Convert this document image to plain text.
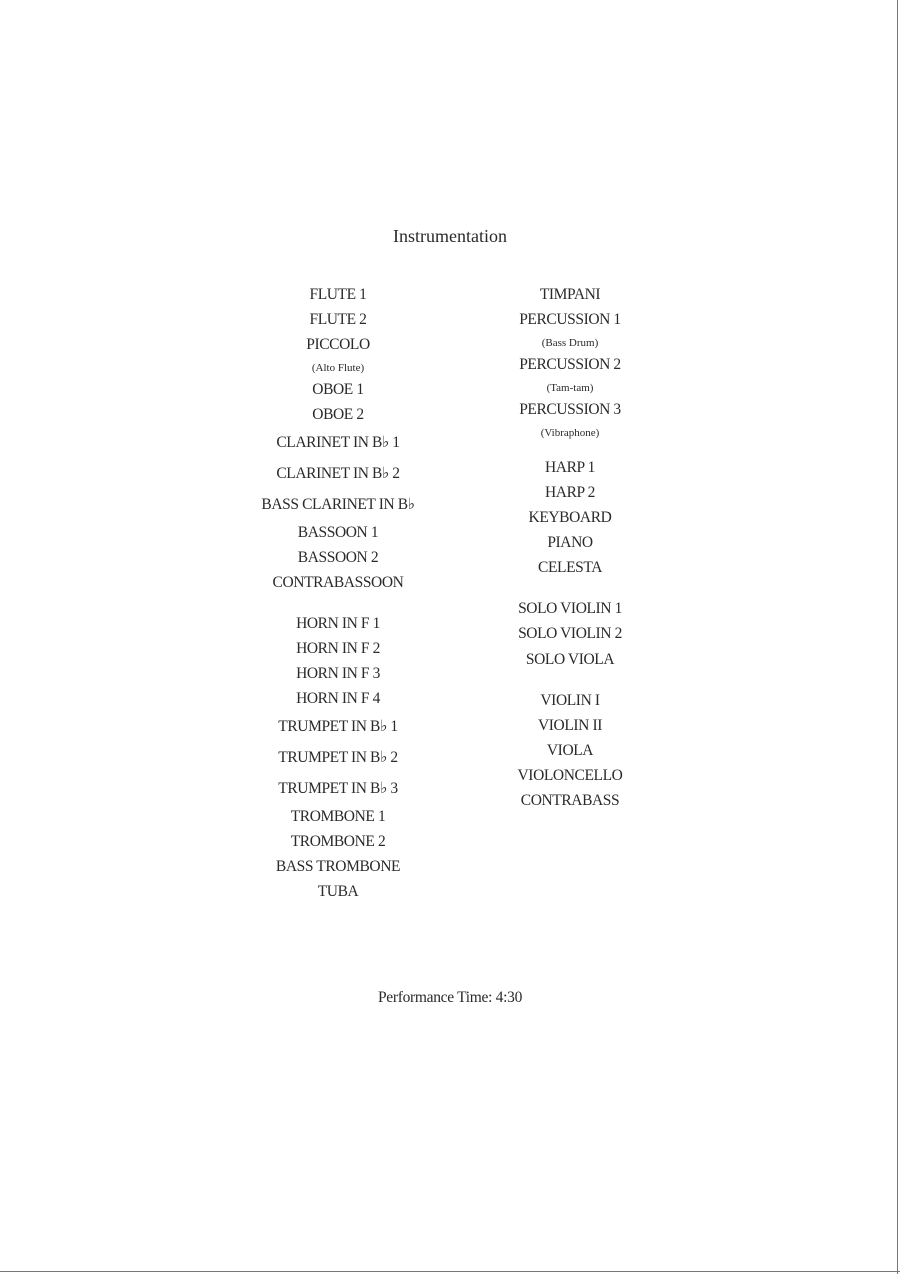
Instrumentation
FLUTE 1
FLUTE 2
PICCOLO
(Alto Flute)
OBOE 1
OBOE 2
CLARINET IN B♭ 1
CLARINET IN B♭ 2
BASS CLARINET IN B♭
BASSOON 1
BASSOON 2
CONTRABASSOON
HORN IN F 1
HORN IN F 2
HORN IN F 3
HORN IN F 4
TRUMPET IN B♭ 1
TRUMPET IN B♭ 2
TRUMPET IN B♭ 3
TROMBONE 1
TROMBONE 2
BASS TROMBONE
TUBA
TIMPANI
PERCUSSION 1
(Bass Drum)
PERCUSSION 2
(Tam-tam)
PERCUSSION 3
(Vibraphone)
HARP 1
HARP 2
KEYBOARD
PIANO
CELESTA
SOLO VIOLIN 1
SOLO VIOLIN 2
SOLO VIOLA
VIOLIN I
VIOLIN II
VIOLA
VIOLONCELLO
CONTRABASS
Performance Time: 4:30
